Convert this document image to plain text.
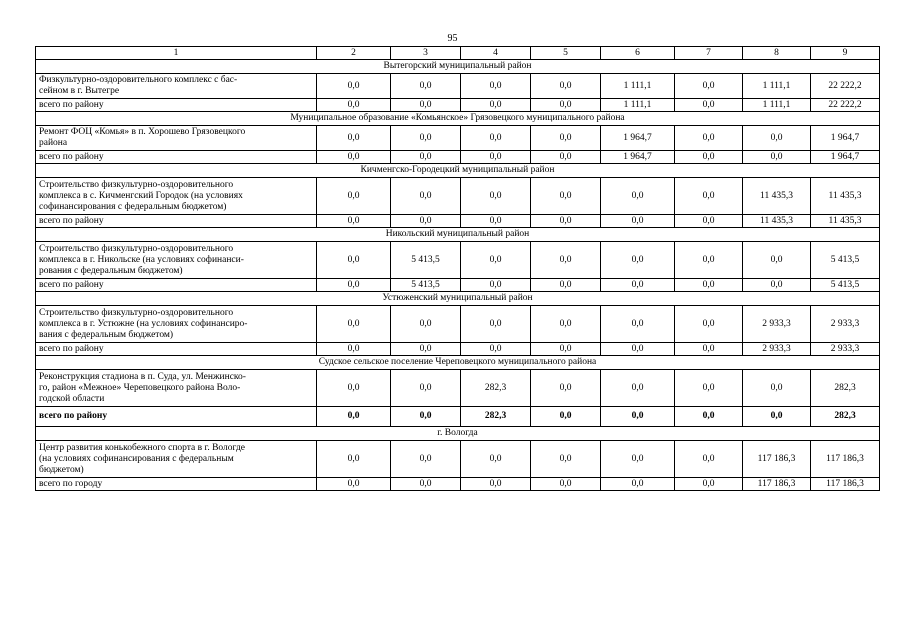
95
1	2	3	4	5	6	7	8	9
Вытегорский муниципальный район								

Физкультурно-оздоровительного комплекс с бас-
сейном в г. Вытегре	0,0	0,0	0,0	0,0	1 111,1	0,0	1 111,1	22 222,2
всего по району	0,0	0,0	0,0	0,0	1 111,1	0,0	1 111,1	22 222,2
Муниципальное образование «Комьянское» Грязовецкого муниципального района								

Ремонт ФОЦ «Комья» в п. Хорошево Грязовецкого
района	0,0	0,0	0,0	0,0	1 964,7	0,0	0,0	1 964,7
всего по району	0,0	0,0	0,0	0,0	1 964,7	0,0	0,0	1 964,7
Кичменгско-Городецкий муниципальный район								

Строительство физкультурно-оздоровительного
комплекса в с. Кичменгский Городок (на условиях
софинансирования с федеральным бюджетом)	0,0	0,0	0,0	0,0	0,0	0,0	11 435,3	11 435,3
всего по району	0,0	0,0	0,0	0,0	0,0	0,0	11 435,3	11 435,3
Никольский муниципальный район								

Строительство физкультурно-оздоровительного
комплекса в г. Никольске (на условиях софинанси-
рования с федеральным бюджетом)	0,0	5 413,5	0,0	0,0	0,0	0,0	0,0	5 413,5
всего по району	0,0	5 413,5	0,0	0,0	0,0	0,0	0,0	5 413,5
Устюженский муниципальный район								

Строительство физкультурно-оздоровительного
комплекса в г. Устюжне (на условиях софинансиро-
вания с федеральным бюджетом)	0,0	0,0	0,0	0,0	0,0	0,0	2 933,3	2 933,3
всего по району	0,0	0,0	0,0	0,0	0,0	0,0	2 933,3	2 933,3
Судское сельское поселение Череповецкого муниципального района								

Реконструкция стадиона в п. Суда, ул. Менжинско-
го, район «Межное» Череповецкого района Воло-
годской области	0,0	0,0	282,3	0,0	0,0	0,0	0,0	282,3
всего по району	0,0	0,0	282,3	0,0	0,0	0,0	0,0	282,3
г. Вологда								

Центр развития конькобежного спорта в г. Вологде
(на условиях софинансирования с федеральным
бюджетом)	0,0	0,0	0,0	0,0	0,0	0,0	117 186,3	117 186,3
всего по городу	0,0	0,0	0,0	0,0	0,0	0,0	117 186,3	117 186,3
